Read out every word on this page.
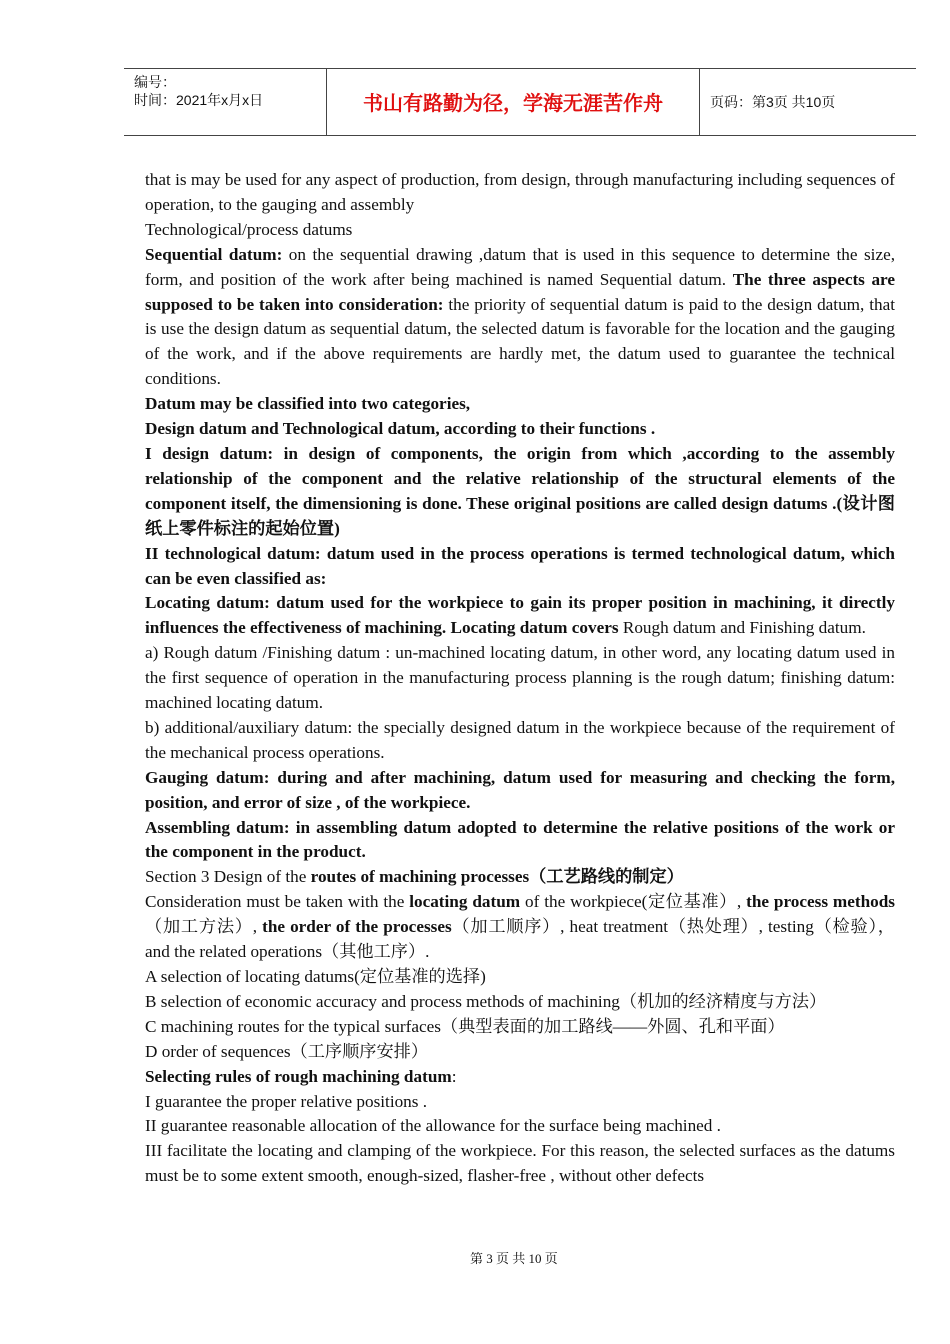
编号：
时间：2021年x月x日	书山有路勤为径，学海无涯苦作舟	页码：第3页 共10页

that is may be used for any aspect of production, from design, through manufacturing including sequences of operation, to the gauging and assembly

Technological/process datums

Sequential datum: on the sequential drawing ,datum that is used in this sequence to determine the size, form, and position of the work after being machined is named Sequential datum. The three aspects are supposed to be taken into consideration: the priority of sequential datum is paid to the design datum, that is use the design datum as sequential datum, the selected datum is favorable for the location and the gauging of the work, and if the above requirements are hardly met, the datum used to guarantee the technical conditions.

Datum may be classified into two categories,

Design datum and Technological datum, according to their functions .

I design datum: in design of components, the origin from which ,according to the assembly relationship of the component and the relative relationship of the structural elements of the component itself, the dimensioning is done. These original positions are called design datums .(设计图纸上零件标注的起始位置)

II technological datum: datum used in the process operations is termed technological datum, which can be even classified as:

Locating datum: datum used for the workpiece to gain its proper position in machining, it directly influences the effectiveness of machining. Locating datum covers Rough datum and Finishing datum.

a) Rough datum /Finishing datum : un-machined locating datum, in other word, any locating datum used in the first sequence of operation in the manufacturing process planning is the rough datum; finishing datum: machined locating datum.

b) additional/auxiliary datum: the specially designed datum in the workpiece because of the requirement of the mechanical process operations.

Gauging datum: during and after machining, datum used for measuring and checking the form, position, and error of size , of the workpiece.

Assembling datum: in assembling datum adopted to determine the relative positions of the work or the component in the product.

Section 3 Design of the routes of machining processes（工艺路线的制定）

Consideration must be taken with the locating datum of the workpiece(定位基准）, the process methods（加工方法）, the order of the processes（加工顺序）, heat treatment（热处理）, testing（检验）， and the related operations（其他工序）.

A selection of locating datums(定位基准的选择)

B selection of economic accuracy and process methods of machining（机加的经济精度与方法）

C machining routes for the typical surfaces（典型表面的加工路线——外圆、孔和平面）

D order of sequences（工序顺序安排）

Selecting rules of rough machining datum:

I guarantee the proper relative positions .

II guarantee reasonable allocation of the allowance for the surface being machined .

III facilitate the locating and clamping of the workpiece. For this reason, the selected surfaces as the datums must be to some extent smooth, enough-sized, flasher-free , without other defects

第 3 页 共 10 页
